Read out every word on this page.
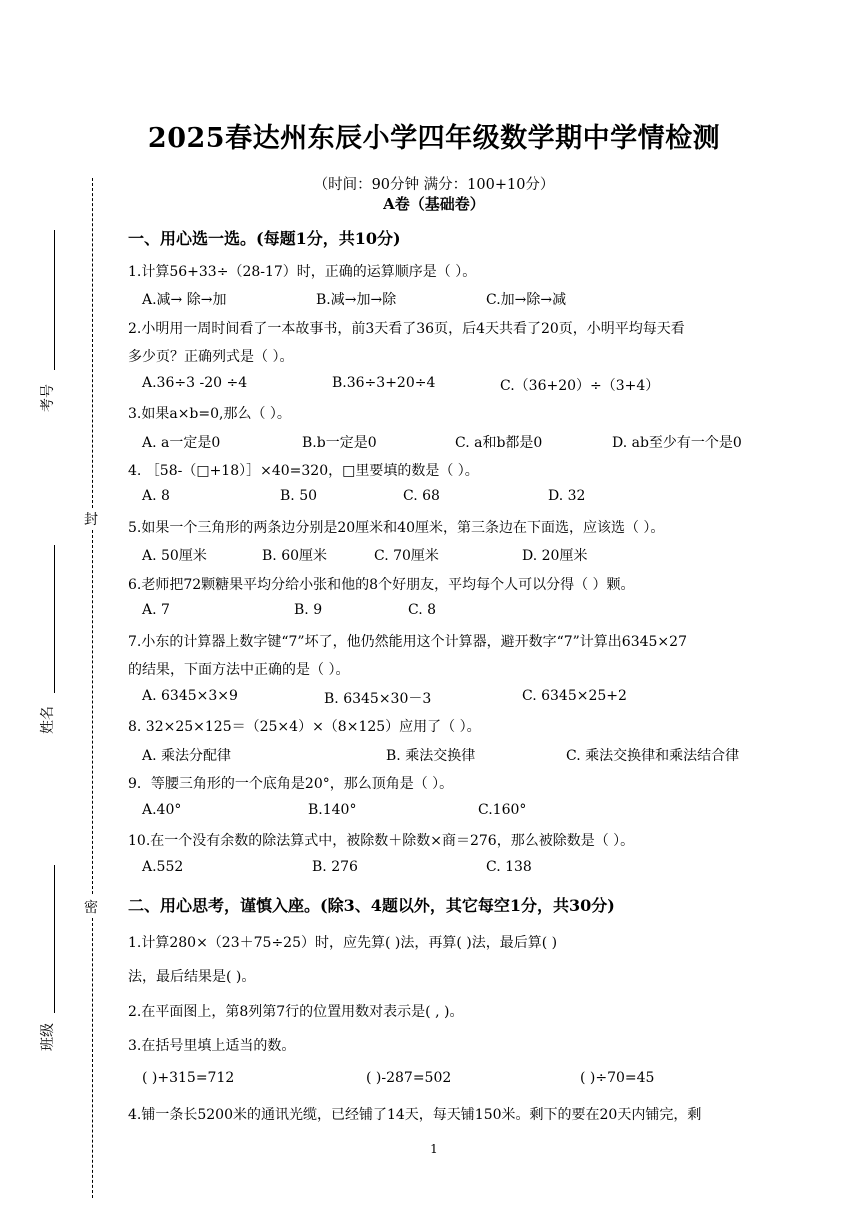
封
密
考号
姓名
班级
2025春达州东辰小学四年级数学期中学情检测
（时间：90分钟 满分：100+10分）
A卷（基础卷）
一、用心选一选。(每题1分，共10分)
1.计算56+33÷（28-17）时，正确的运算顺序是（ ）。
A.减→ 除→加	B.减→加→除	C.加→除→减
2.小明用一周时间看了一本故事书，前3天看了36页，后4天共看了20页，小明平均每天看
多少页？正确列式是（ ）。
A.36÷3 -20 ÷4	B.36÷3+20÷4	C.（36+20）÷（3+4）
3.如果a×b=0,那么（ ）。
A. a一定是0	B.b一定是0	C. a和b都是0	D. ab至少有一个是0
4. ［58-（□+18）］×40=320，□里要填的数是（ ）。
A. 8	B. 50	C. 68	D. 32
5.如果一个三角形的两条边分别是20厘米和40厘米，第三条边在下面选，应该选（ ）。
A. 50厘米	B. 60厘米	C. 70厘米	D. 20厘米
6.老师把72颗糖果平均分给小张和他的8个好朋友，平均每个人可以分得（ ）颗。
A. 7	B. 9	C. 8
7.小东的计算器上数字键“7”坏了，他仍然能用这个计算器，避开数字“7”计算出6345×27
的结果，下面方法中正确的是（ ）。
A. 6345×3×9	B. 6345×30－3	C. 6345×25+2
8. 32×25×125＝（25×4）×（8×125）应用了（ ）。
A. 乘法分配律	B. 乘法交换律	C. 乘法交换律和乘法结合律
9．等腰三角形的一个底角是20°，那么顶角是（ ）。
A.40°	B.140°	C.160°
10.在一个没有余数的除法算式中，被除数＋除数×商＝276，那么被除数是（ ）。
A.552	B. 276	C. 138
二、用心思考，谨慎入座。(除3、4题以外，其它每空1分，共30分)
1.计算280×（23＋75÷25）时，应先算( )法，再算( )法，最后算( )
法，最后结果是( )。
2.在平面图上，第8列第7行的位置用数对表示是( , )。
3.在括号里填上适当的数。
( )+315=712	( )-287=502	( )÷70=45
4.铺一条长5200米的通讯光缆，已经铺了14天，每天铺150米。剩下的要在20天内铺完，剩
1
